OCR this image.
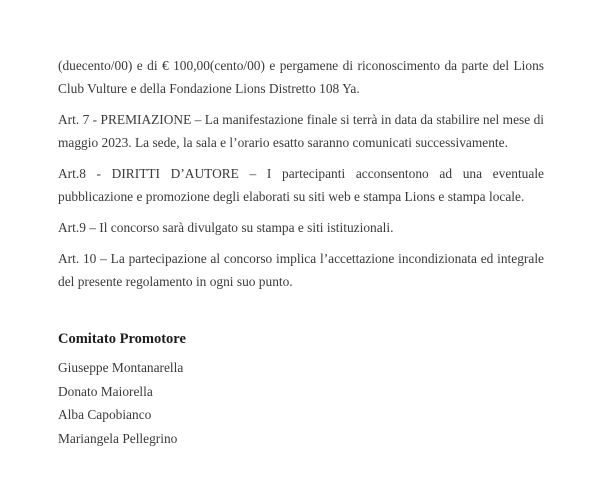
(duecento/00) e di € 100,00(cento/00) e pergamene di riconoscimento da parte del Lions Club Vulture e della Fondazione Lions Distretto 108 Ya.

Art. 7 - PREMIAZIONE – La manifestazione finale si terrà in data da stabilire nel mese di maggio 2023. La sede, la sala e l’orario esatto saranno comunicati successivamente.

Art.8 - DIRITTI D’AUTORE – I partecipanti acconsentono ad una eventuale pubblicazione e promozione degli elaborati su siti web e stampa Lions e stampa locale.

Art.9 – Il concorso sarà divulgato su stampa e siti istituzionali.

Art. 10 – La partecipazione al concorso implica l’accettazione incondizionata ed integrale del presente regolamento in ogni suo punto.

Comitato Promotore

Giuseppe Montanarella

Donato Maiorella

Alba Capobianco

Mariangela Pellegrino
